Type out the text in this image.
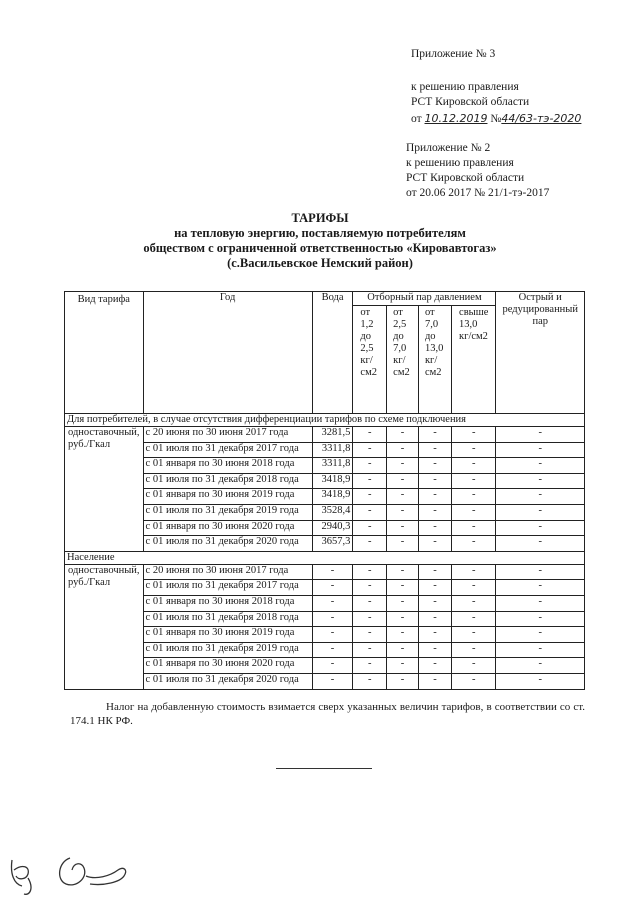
Приложение № 3
к решению правления
РСТ Кировской области
от 10.12.2019 №44/63-тэ-2020
Приложение № 2
к решению правления
РСТ Кировской области
от 20.06 2017 № 21/1-тэ-2017
ТАРИФЫ
на тепловую энергию, поставляемую потребителям
обществом с ограниченной ответственностью «Кировавтогаз»
(с.Васильевское Немский район)
Вид тарифа	Год	Вода	Отборный пар давлением				Острый и редуцированный пар
			от 1,2 до 2,5 кг/см2	от 2,5 до 7,0 кг/см2	от 7,0 до 13,0 кг/см2	свыше 13,0 кг/см2	
Для потребителей, в случае отсутствия дифференциации тарифов по схеме подключения							
одноставочный, руб./Гкал	с 20 июня по 30 июня 2017 года	3281,5	-	-	-	-	-
	с 01 июля по 31 декабря 2017 года	3311,8	-	-	-	-	-
	с 01 января по 30 июня 2018 года	3311,8	-	-	-	-	-
	с 01 июля по 31 декабря 2018 года	3418,9	-	-	-	-	-
	с 01 января по 30 июня 2019 года	3418,9	-	-	-	-	-
	с 01 июля по 31 декабря 2019 года	3528,4	-	-	-	-	-
	с 01 января по 30 июня 2020 года	2940,3	-	-	-	-	-
	с 01 июля по 31 декабря 2020 года	3657,3	-	-	-	-	-
Население							
одноставочный, руб./Гкал	с 20 июня по 30 июня 2017 года	-	-	-	-	-	-
	с 01 июля по 31 декабря 2017 года	-	-	-	-	-	-
	с 01 января по 30 июня 2018 года	-	-	-	-	-	-
	с 01 июля по 31 декабря 2018 года	-	-	-	-	-	-
	с 01 января по 30 июня 2019 года	-	-	-	-	-	-
	с 01 июля по 31 декабря 2019 года	-	-	-	-	-	-
	с 01 января по 30 июня 2020 года	-	-	-	-	-	-
	с 01 июля по 31 декабря 2020 года	-	-	-	-	-	-
Налог на добавленную стоимость взимается сверх указанных величин тарифов, в соответствии со ст. 174.1 НК РФ.
